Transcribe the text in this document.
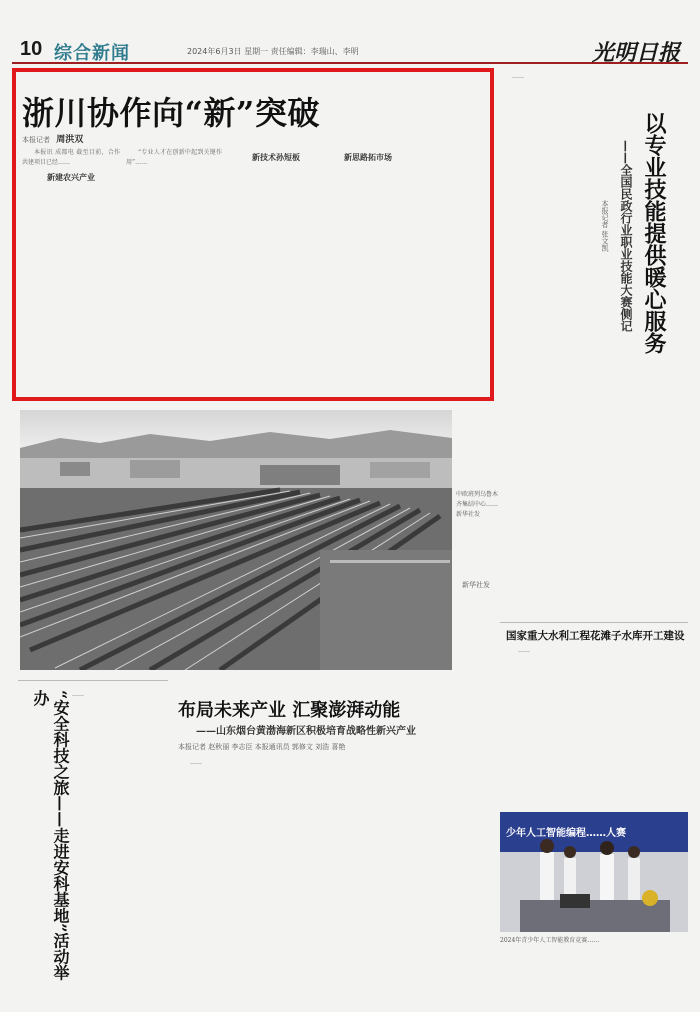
10 综合新闻	2024年6月3日 星期一 责任编辑：李瑞山、李明	光明日报
浙川协作向“新”突破
本报记者 周洪双

本报讯 成都电 截至目前，合作共建项目已经……

新建农兴产业

“专业人才在创新中起到关键作用”……

新技术孙短板	新思路拓市场

……

以专业技能提供暖心服务
——全国民政行业职业技能大赛侧记
本报记者 张文凯
中欧班列乌鲁木齐集结中心……新华社发
新华社发
国家重大水利工程花滩子水库开工建设

……

“安全科技之旅——走进安科基地”活动举办	……

布局未来产业 汇聚澎湃动能
——山东烟台黄渤海新区积极培育战略性新兴产业
本报记者 赵秋丽 李志臣 本报通讯员 郭修文 刘浩 喜艳

……

少年人工智能编程……人赛
2024年青少年人工智能教育竞赛……
